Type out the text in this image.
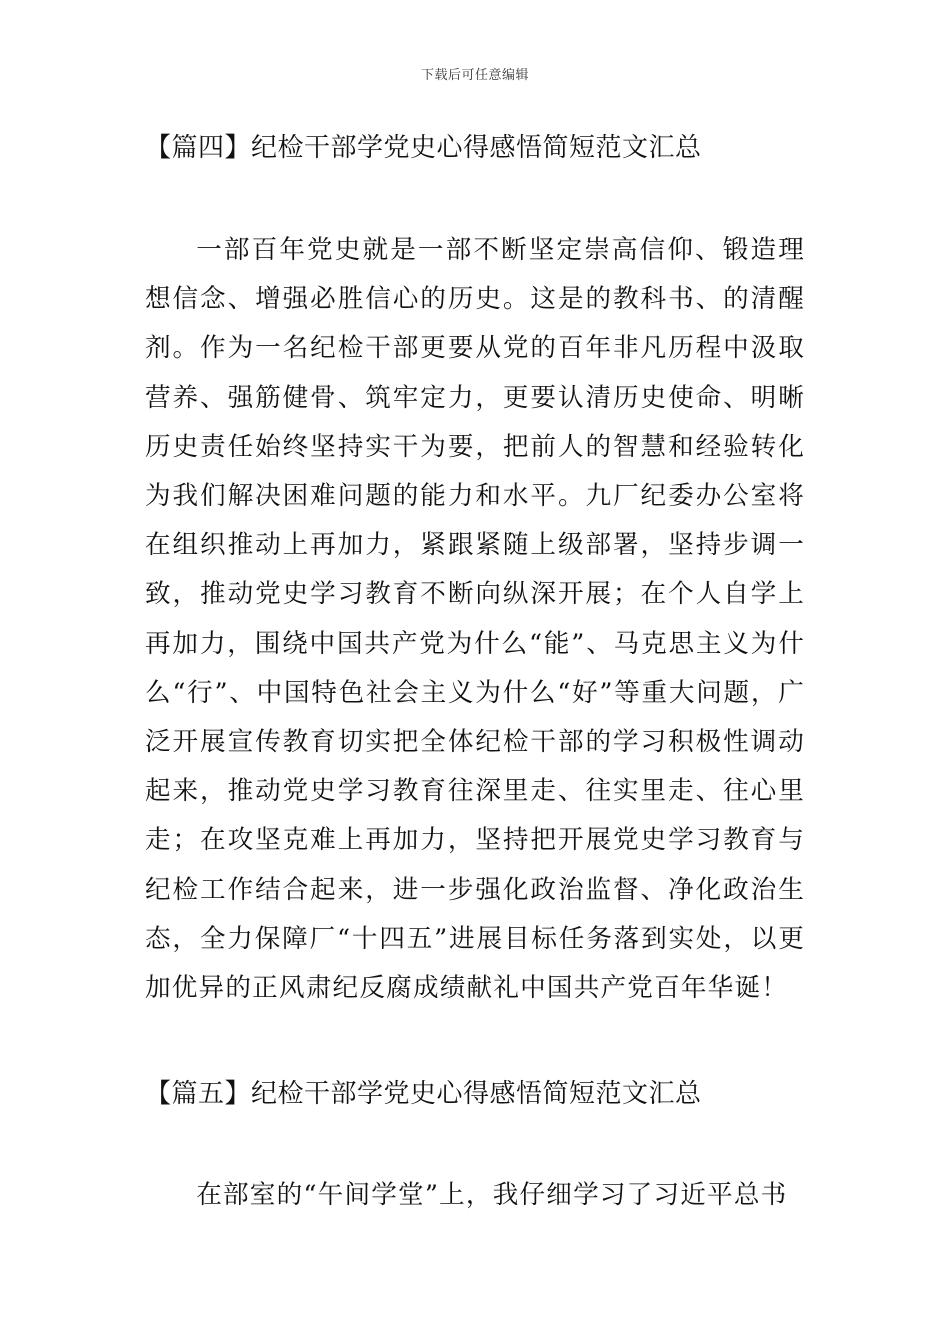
下载后可任意编辑
【篇四】纪检干部学党史心得感悟简短范文汇总

一部百年党史就是一部不断坚定崇高信仰、锻造理想信念、增强必胜信心的历史。这是的教科书、的清醒剂。作为一名纪检干部更要从党的百年非凡历程中汲取营养、强筋健骨、筑牢定力，更要认清历史使命、明晰历史责任始终坚持实干为要，把前人的智慧和经验转化为我们解决困难问题的能力和水平。九厂纪委办公室将在组织推动上再加力，紧跟紧随上级部署，坚持步调一致，推动党史学习教育不断向纵深开展；在个人自学上再加力，围绕中国共产党为什么“能”、马克思主义为什么“行”、中国特色社会主义为什么“好”等重大问题，广泛开展宣传教育切实把全体纪检干部的学习积极性调动起来，推动党史学习教育往深里走、往实里走、往心里走；在攻坚克难上再加力，坚持把开展党史学习教育与纪检工作结合起来，进一步强化政治监督、净化政治生态，全力保障厂“十四五”进展目标任务落到实处，以更加优异的正风肃纪反腐成绩献礼中国共产党百年华诞！

【篇五】纪检干部学党史心得感悟简短范文汇总

在部室的“午间学堂”上，我仔细学习了习近平总书
